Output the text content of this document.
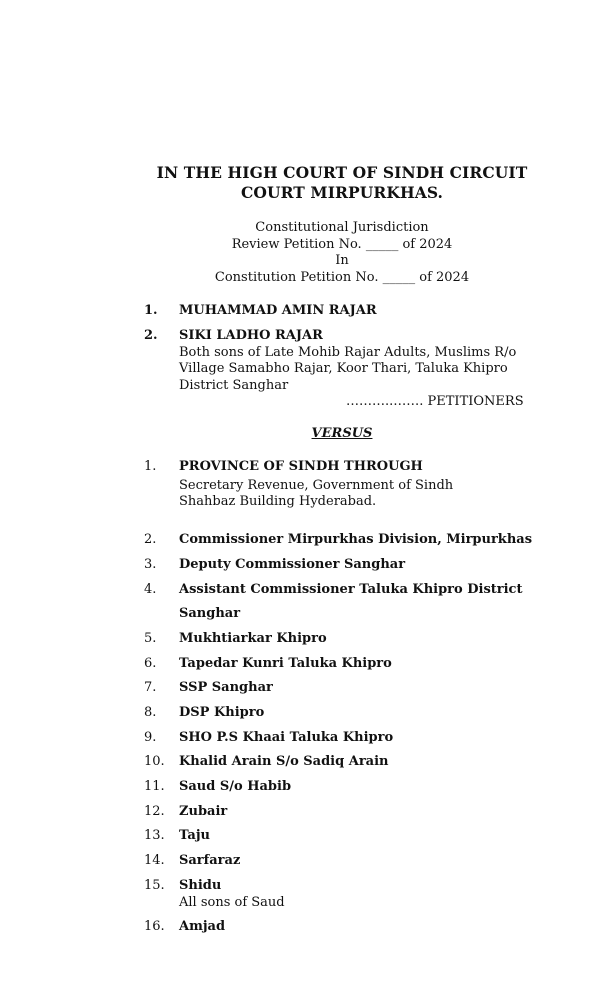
IN THE HIGH COURT OF SINDH CIRCUIT COURT MIRPURKHAS.
Constitutional Jurisdiction
Review Petition No. _____ of 2024
In
Constitution Petition No. _____ of 2024
1.	MUHAMMAD AMIN RAJAR
2.	SIKI LADHO RAJAR
Both sons of Late Mohib Rajar Adults, Muslims R/o Village Samabho Rajar, Koor Thari, Taluka Khipro District Sanghar
………..……. PETITIONERS
VERSUS
1.	PROVINCE OF SINDH THROUGH
Secretary Revenue, Government of Sindh
Shahbaz Building Hyderabad.
2.	Commissioner Mirpurkhas Division, Mirpurkhas
3.	Deputy Commissioner Sanghar
4.	Assistant Commissioner Taluka Khipro District
Sanghar
5.	Mukhtiarkar Khipro
6.	Tapedar Kunri Taluka Khipro
7.	SSP Sanghar
8.	DSP Khipro
9.	SHO P.S Khaai Taluka Khipro
10.	Khalid Arain S/o Sadiq Arain
11.	Saud S/o Habib
12.	Zubair
13.	Taju
14.	Sarfaraz
15.	Shidu
All sons of Saud
16.	Amjad
